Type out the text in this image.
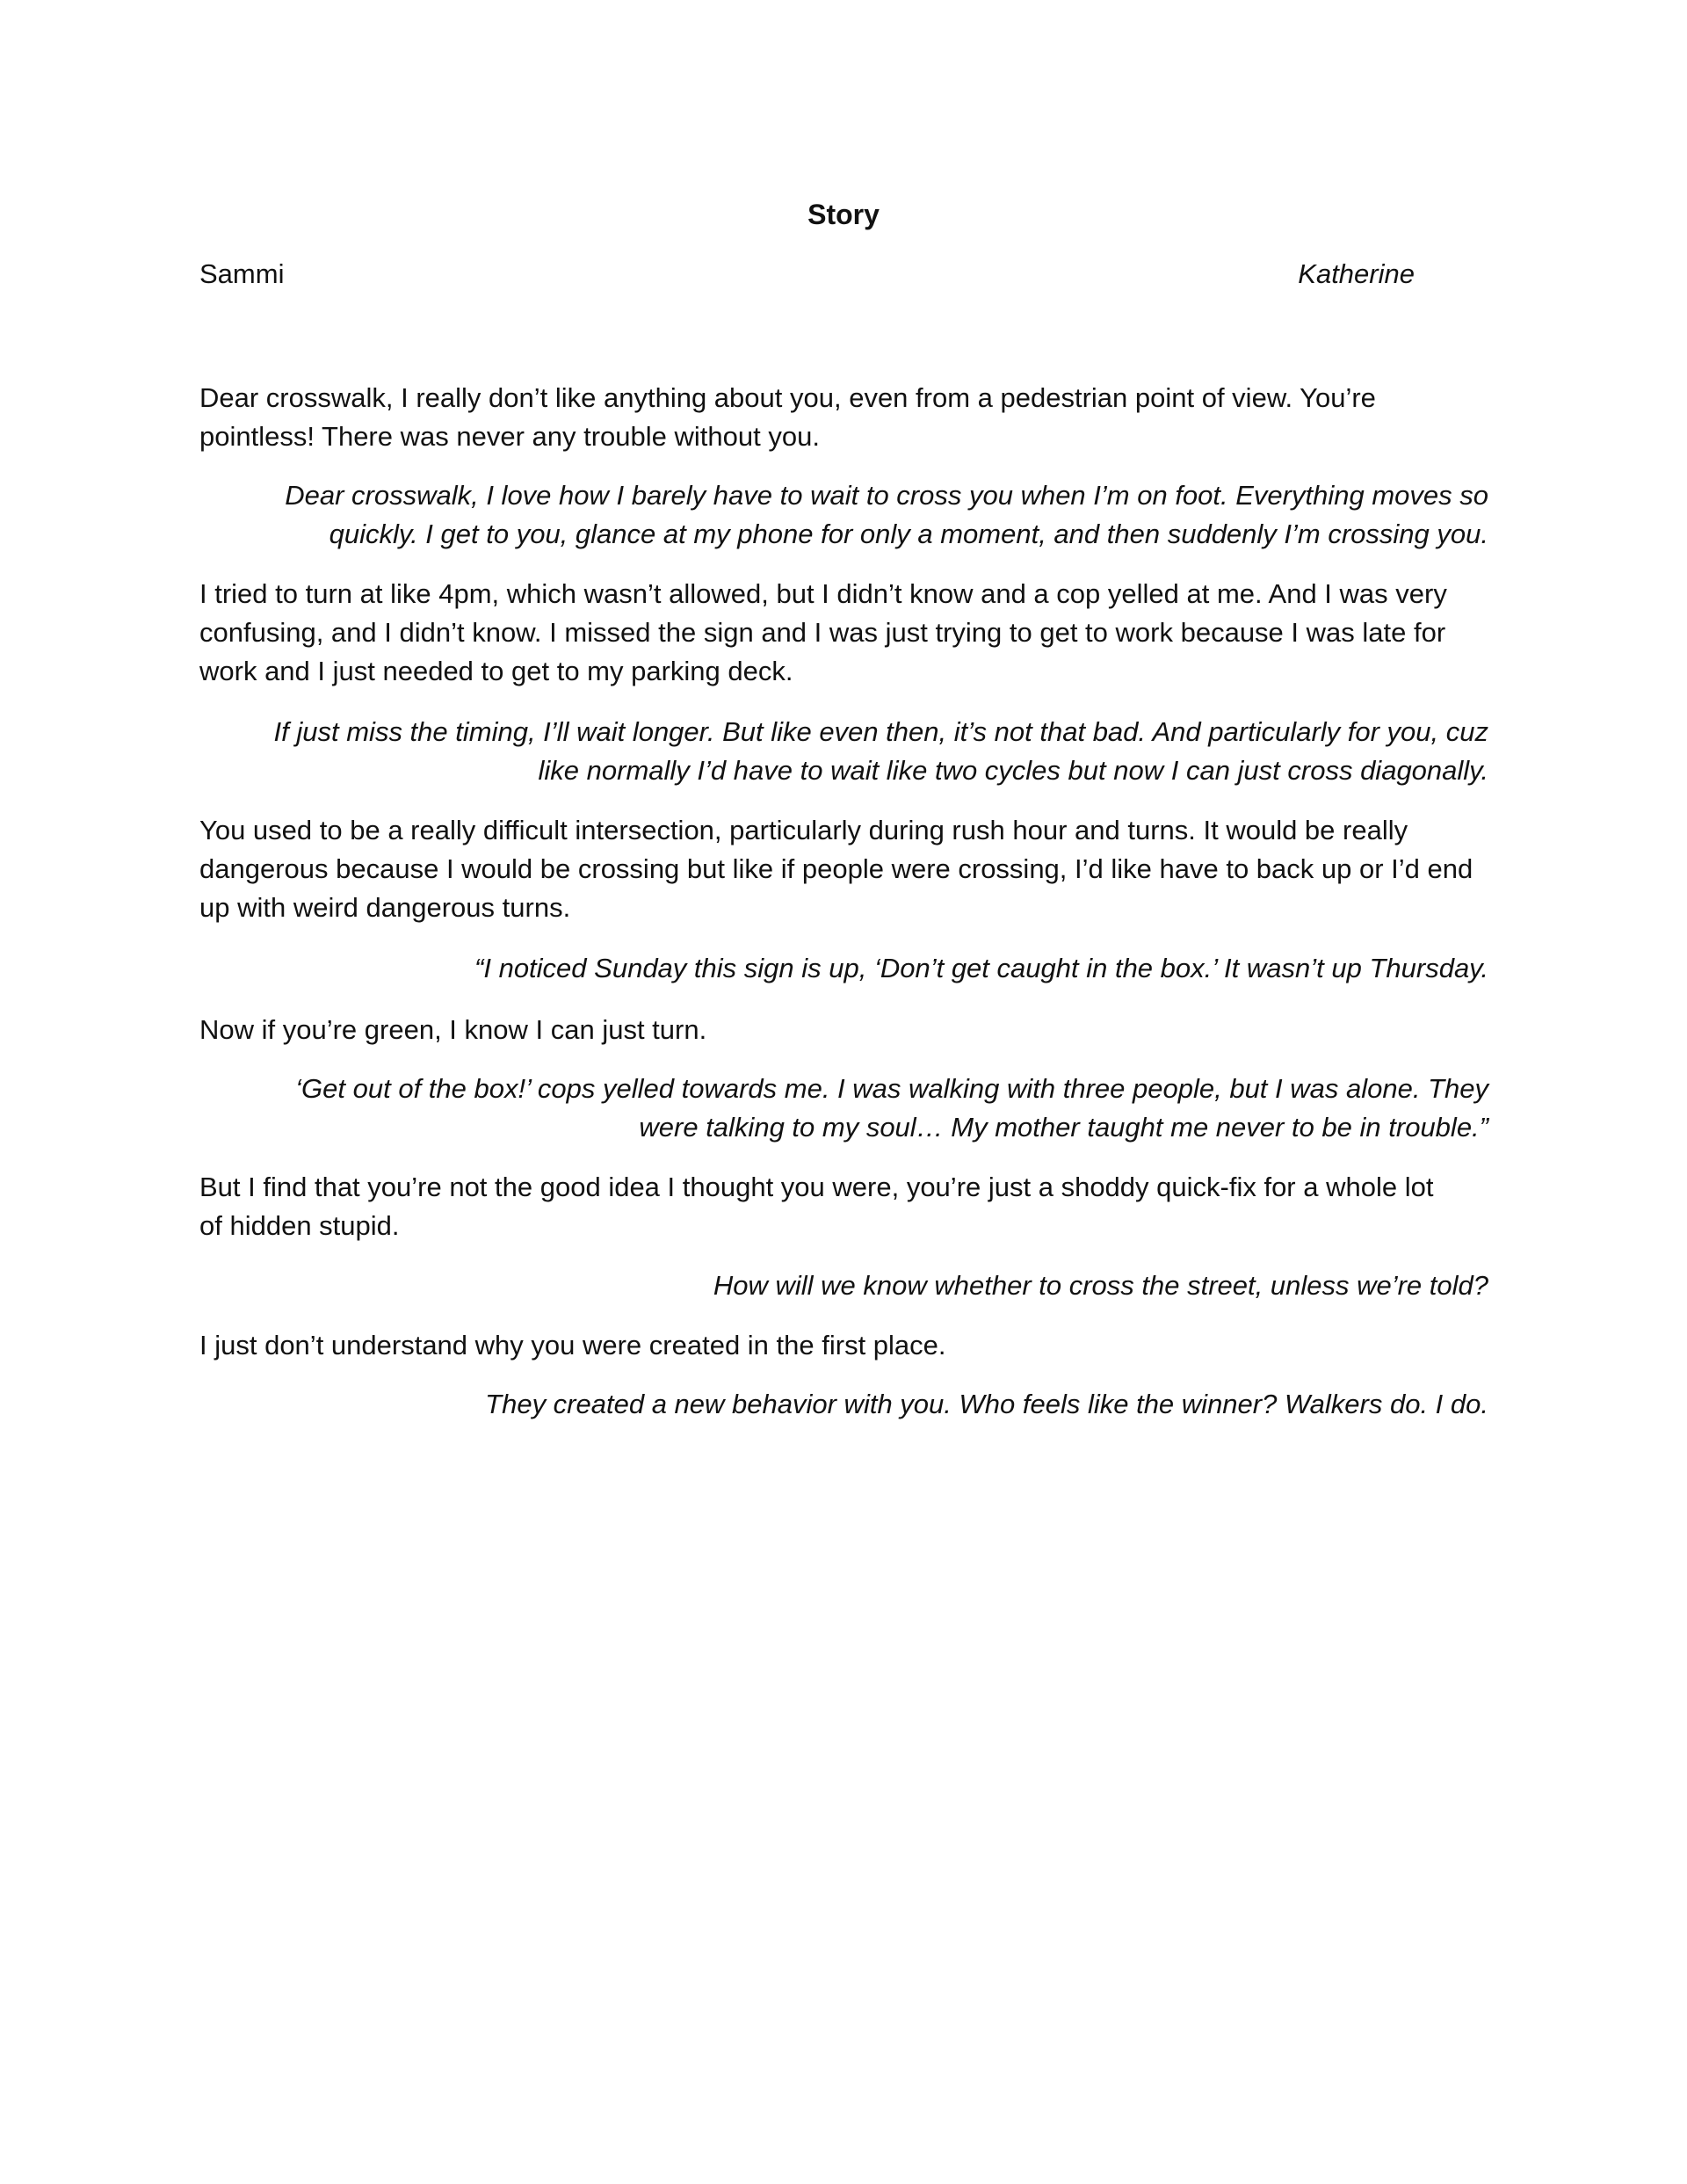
Story
Sammi	Katherine

Dear crosswalk, I really don’t like anything about you, even from a pedestrian point of view. You’re
pointless! There was never any trouble without you.

Dear crosswalk, I love how I barely have to wait to cross you when I’m on foot. Everything moves so
quickly. I get to you, glance at my phone for only a moment, and then suddenly I’m crossing you.

I tried to turn at like 4pm, which wasn’t allowed, but I didn’t know and a cop yelled at me. And I was very
confusing, and I didn’t know. I missed the sign and I was just trying to get to work because I was late for
work and I just needed to get to my parking deck.

If just miss the timing, I’ll wait longer. But like even then, it’s not that bad. And particularly for you, cuz
like normally I’d have to wait like two cycles but now I can just cross diagonally.

You used to be a really difficult intersection, particularly during rush hour and turns. It would be really
dangerous because I would be crossing but like if people were crossing, I’d like have to back up or I’d end
up with weird dangerous turns.

“I noticed Sunday this sign is up, ‘Don’t get caught in the box.’ It wasn’t up Thursday.

Now if you’re green, I know I can just turn.

‘Get out of the box!’ cops yelled towards me. I was walking with three people, but I was alone. They
were talking to my soul… My mother taught me never to be in trouble.”

But I find that you’re not the good idea I thought you were, you’re just a shoddy quick-fix for a whole lot
of hidden stupid.

How will we know whether to cross the street, unless we’re told?

I just don’t understand why you were created in the first place.

They created a new behavior with you. Who feels like the winner? Walkers do. I do.
